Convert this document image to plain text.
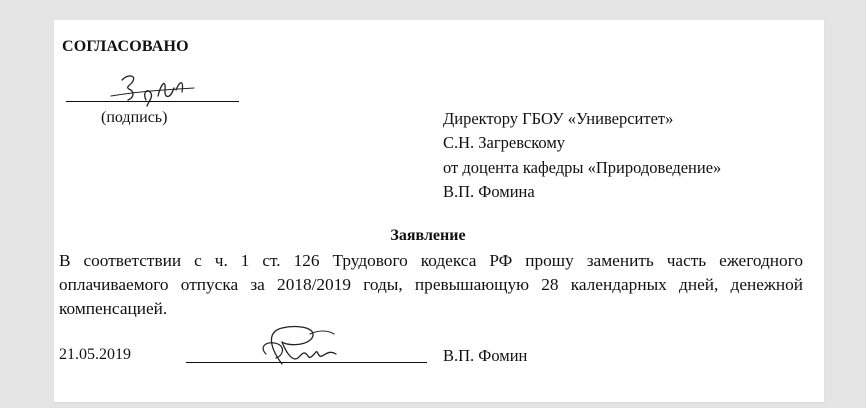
СОГЛАСОВАНО
(подпись)	Директору ГБОУ «Университет»
С.Н. Загревскому
от доцента кафедры «Природоведение»
В.П. Фомина
Заявление
В соответствии с ч. 1 ст. 126 Трудового кодекса РФ прошу заменить часть ежегодного оплачиваемого отпуска за 2018/2019 годы, превышающую 28 календарных дней, денежной компенсацией.
21.05.2019	В.П. Фомин
